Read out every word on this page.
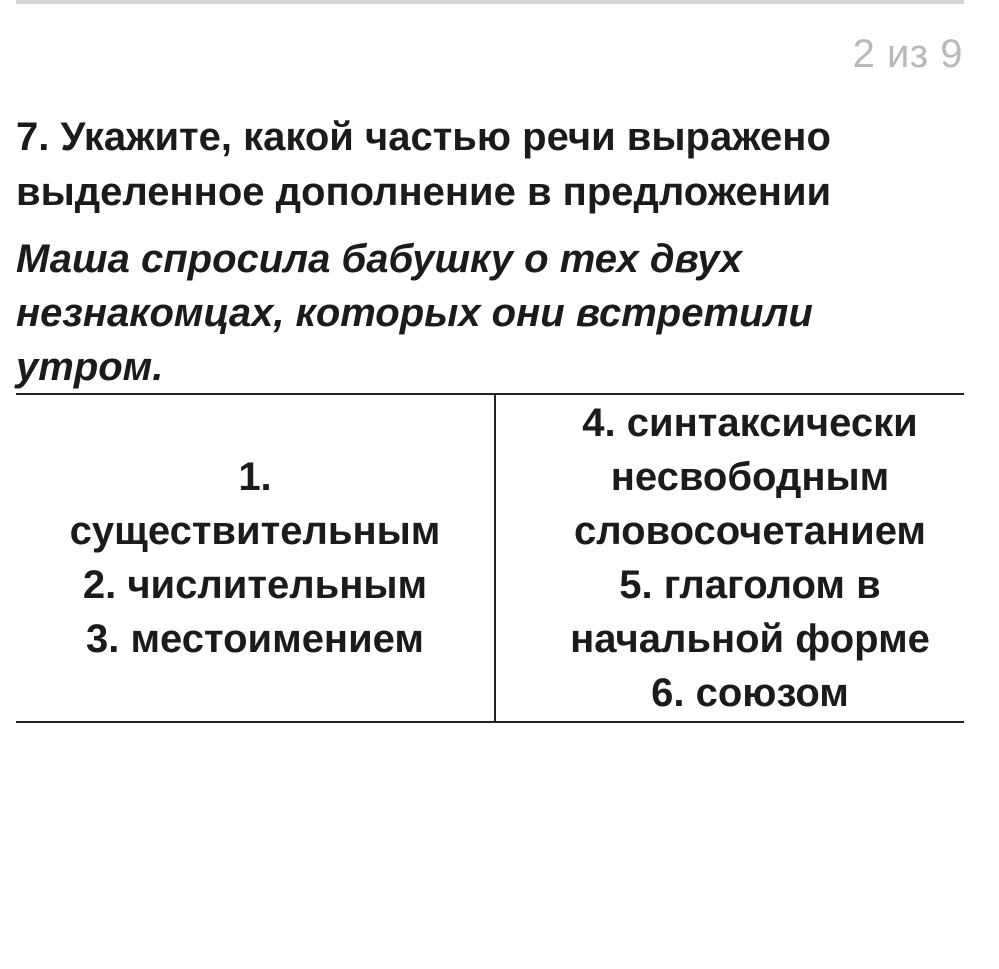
2 из 9
7. Укажите, какой частью речи выражено
выделенное дополнение в предложении
Маша спросила бабушку о тех двух
незнакомцах, которых они встретили
утром.
1.
существительным
2. числительным
3. местоимением
4. синтаксически
несвободным
словосочетанием
5. глаголом в
начальной форме
6. союзом
